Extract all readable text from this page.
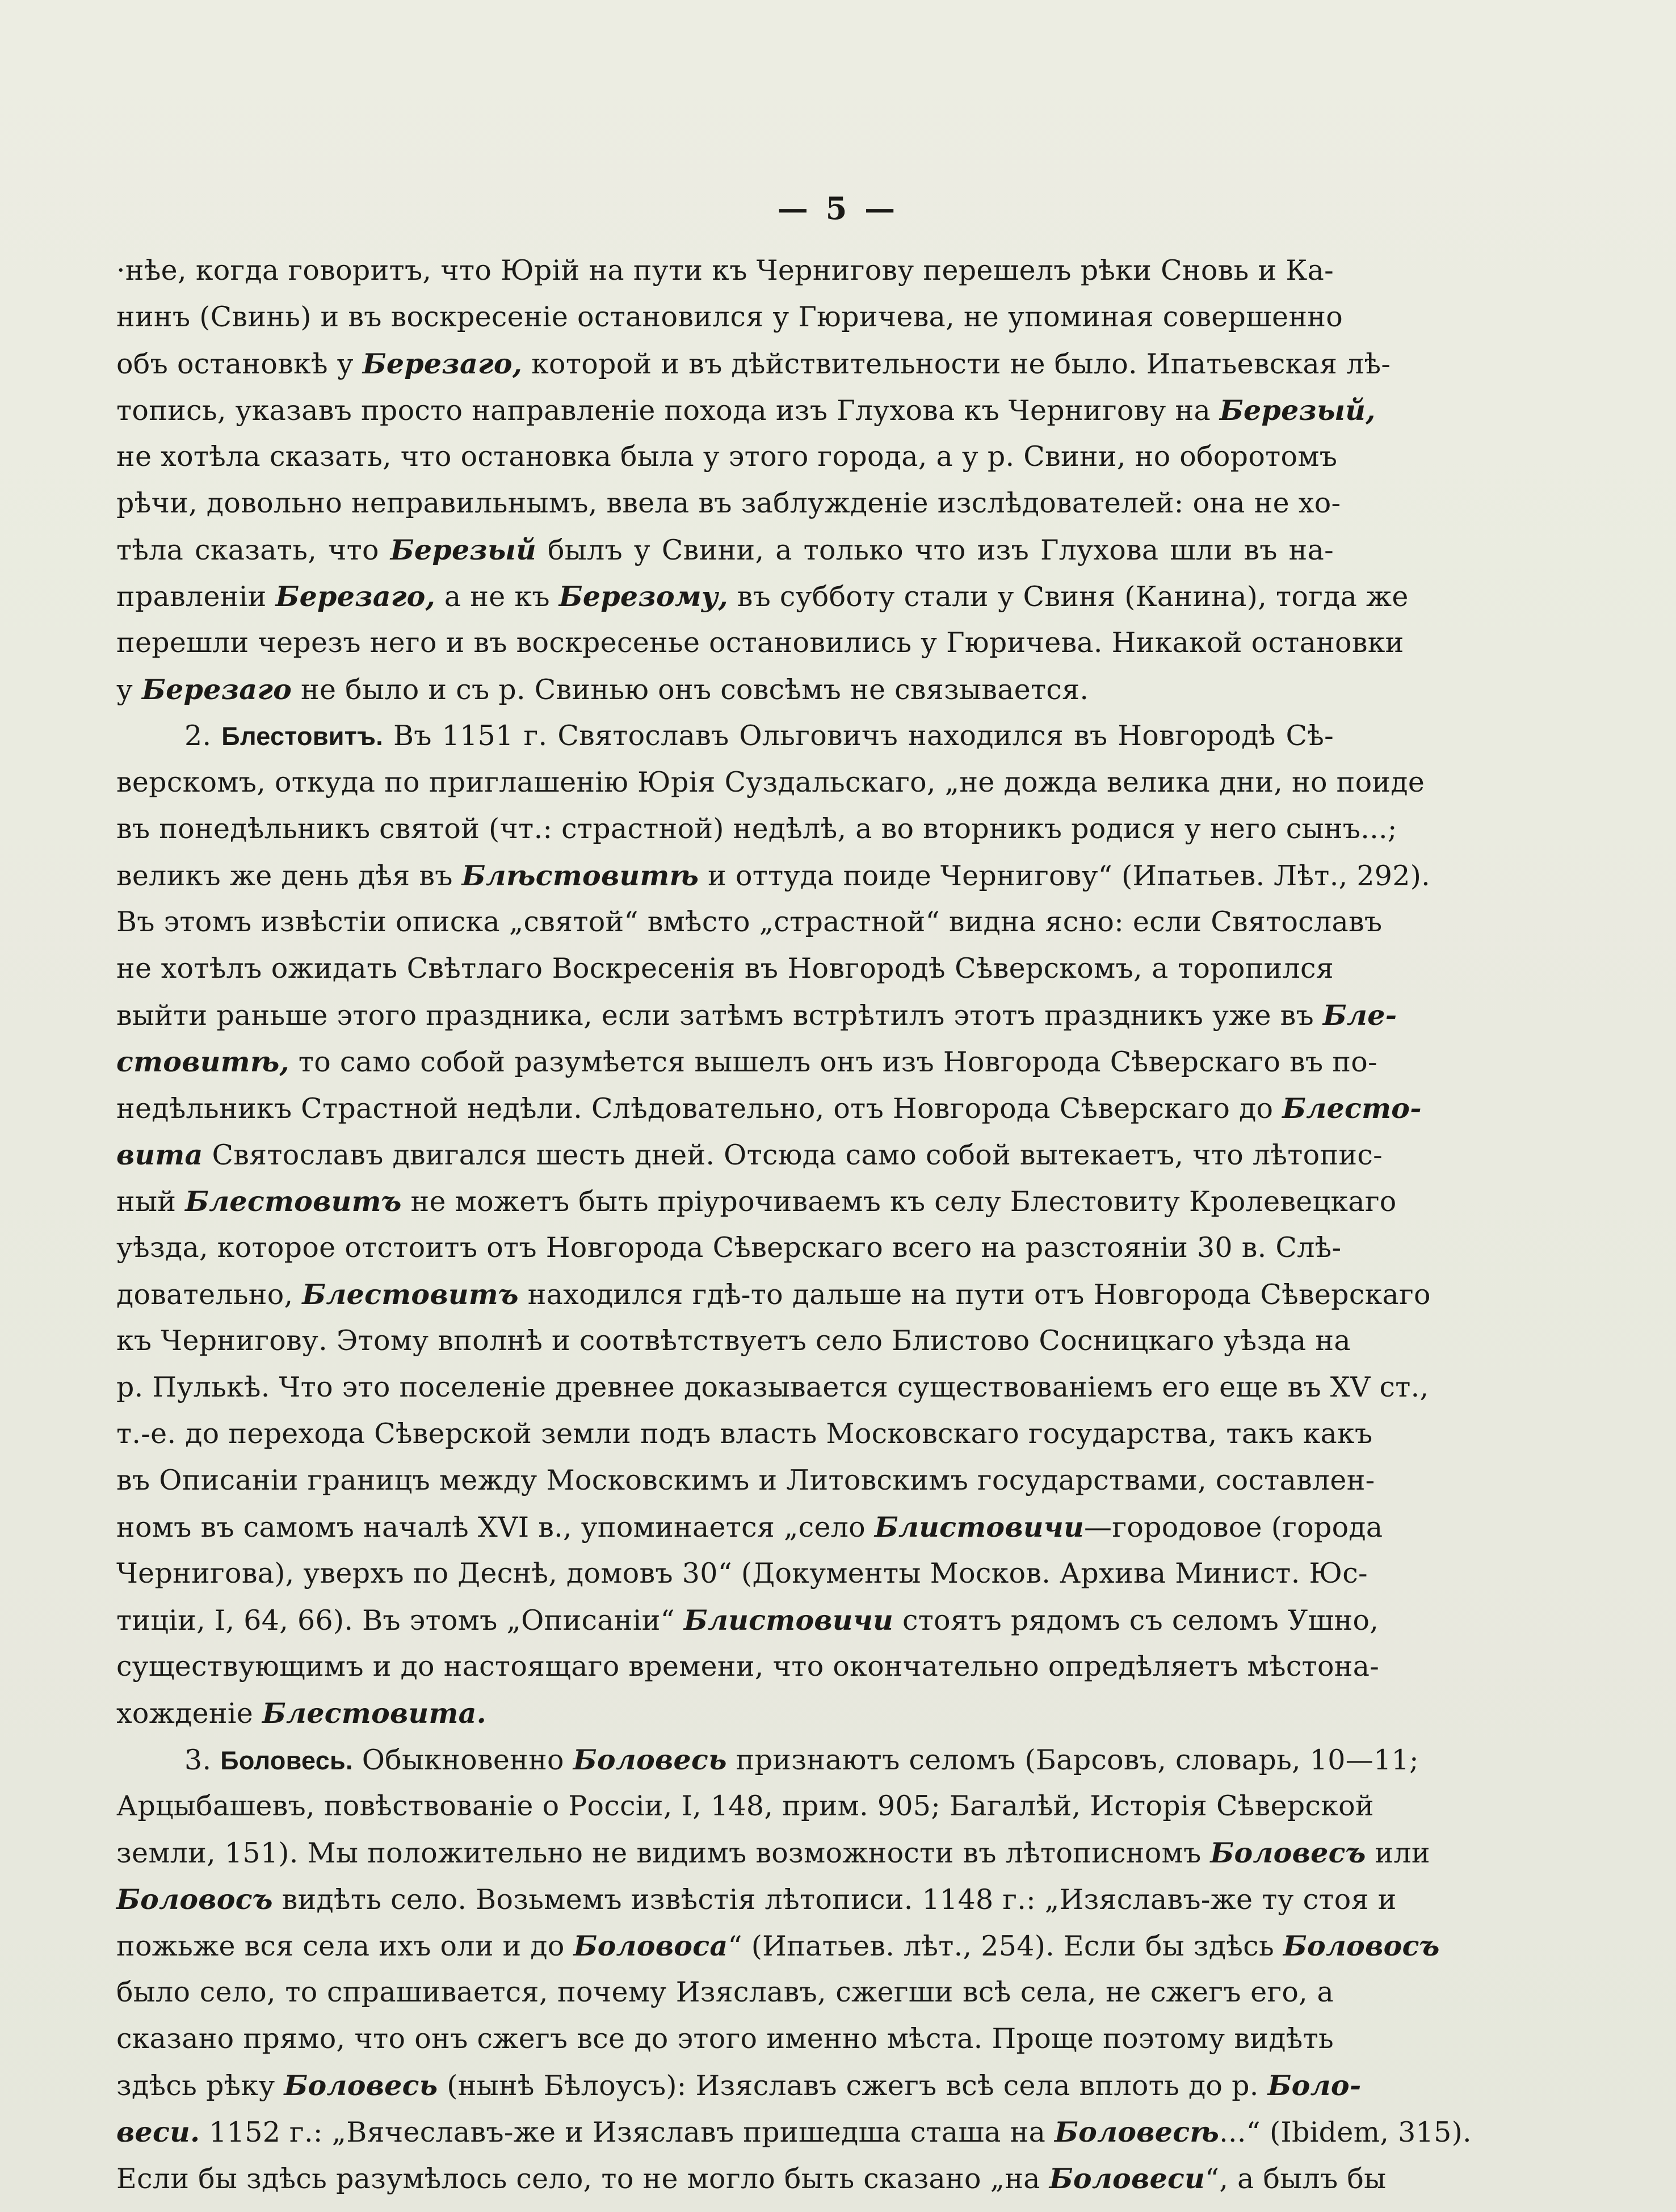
— 5 —
·нѣе, когда говоритъ, что Юрій на пути къ Чернигову перешелъ рѣки Сновь и Ка-
нинъ (Свинь) и въ воскресеніе остановился у Гюричева, не упоминая совершенно
объ остановкѣ у Березаго, которой и въ дѣйствительности не было. Ипатьевская лѣ-
топись, указавъ просто направленіе похода изъ Глухова къ Чернигову на Березый,
не хотѣла сказать, что остановка была у этого города, а у р. Свини, но оборотомъ
рѣчи, довольно неправильнымъ, ввела въ заблужденіе изслѣдователей: она не хо-
тѣла сказать, что Березый былъ у Свини, а только что изъ Глухова шли въ на-
правленіи Березаго, а не къ Березому, въ субботу стали у Свиня (Канина), тогда же
перешли черезъ него и въ воскресенье остановились у Гюричева. Никакой остановки
у Березаго не было и съ р. Свинью онъ совсѣмъ не связывается.
2. Блестовитъ. Въ 1151 г. Святославъ Ольговичъ находился въ Новгородѣ Сѣ-
верскомъ, откуда по приглашенію Юрія Суздальскаго, „не дожда велика дни, но поиде
въ понедѣльникъ святой (чт.: страстной) недѣлѣ, а во вторникъ родися у него сынъ...;
великъ же день дѣя въ Блѣстовитѣ и оттуда поиде Чернигову“ (Ипатьев. Лѣт., 292).
Въ этомъ извѣстіи описка „святой“ вмѣсто „страстной“ видна ясно: если Святославъ
не хотѣлъ ожидать Свѣтлаго Воскресенія въ Новгородѣ Сѣверскомъ, а торопился
выйти раньше этого праздника, если затѣмъ встрѣтилъ этотъ праздникъ уже въ Бле-
стовитѣ, то само собой разумѣется вышелъ онъ изъ Новгорода Сѣверскаго въ по-
недѣльникъ Страстной недѣли. Слѣдовательно, отъ Новгорода Сѣверскаго до Блесто-
вита Святославъ двигался шесть дней. Отсюда само собой вытекаетъ, что лѣтопис-
ный Блестовитъ не можетъ быть пріурочиваемъ къ селу Блестовиту Кролевецкаго
уѣзда, которое отстоитъ отъ Новгорода Сѣверскаго всего на разстояніи 30 в. Слѣ-
довательно, Блестовитъ находился гдѣ-то дальше на пути отъ Новгорода Сѣверскаго
къ Чернигову. Этому вполнѣ и соотвѣтствуетъ село Блистово Сосницкаго уѣзда на
р. Пулькѣ. Что это поселеніе древнее доказывается существованіемъ его еще въ XV ст.,
т.-е. до перехода Сѣверской земли подъ власть Московскаго государства, такъ какъ
въ Описаніи границъ между Московскимъ и Литовскимъ государствами, составлен-
номъ въ самомъ началѣ XVI в., упоминается „село Блистовичи—городовое (города
Чернигова), уверхъ по Деснѣ, домовъ 30“ (Документы Москов. Архива Минист. Юс-
тиціи, I, 64, 66). Въ этомъ „Описаніи“ Блистовичи стоятъ рядомъ съ селомъ Ушно,
существующимъ и до настоящаго времени, что окончательно опредѣляетъ мѣстона-
хожденіе Блестовита.
3. Боловесь. Обыкновенно Боловесь признаютъ селомъ (Барсовъ, словарь, 10—11;
Арцыбашевъ, повѣствованіе о Россіи, I, 148, прим. 905; Багалѣй, Исторія Сѣверской
земли, 151). Мы положительно не видимъ возможности въ лѣтописномъ Боловесъ или
Боловосъ видѣть село. Возьмемъ извѣстія лѣтописи. 1148 г.: „Изяславъ-же ту стоя и
пожьже вся села ихъ оли и до Боловоса“ (Ипатьев. лѣт., 254). Если бы здѣсь Боловосъ
было село, то спрашивается, почему Изяславъ, сжегши всѣ села, не сжегъ его, а
сказано прямо, что онъ сжегъ все до этого именно мѣста. Проще поэтому видѣть
здѣсь рѣку Боловесь (нынѣ Бѣлоусъ): Изяславъ сжегъ всѣ села вплоть до р. Боло-
веси. 1152 г.: „Вячеславъ-же и Изяславъ пришедша сташа на Боловесѣ...“ (Ibidem, 315).
Если бы здѣсь разумѣлось село, то не могло быть сказано „на Боловеси“, а былъ бы
